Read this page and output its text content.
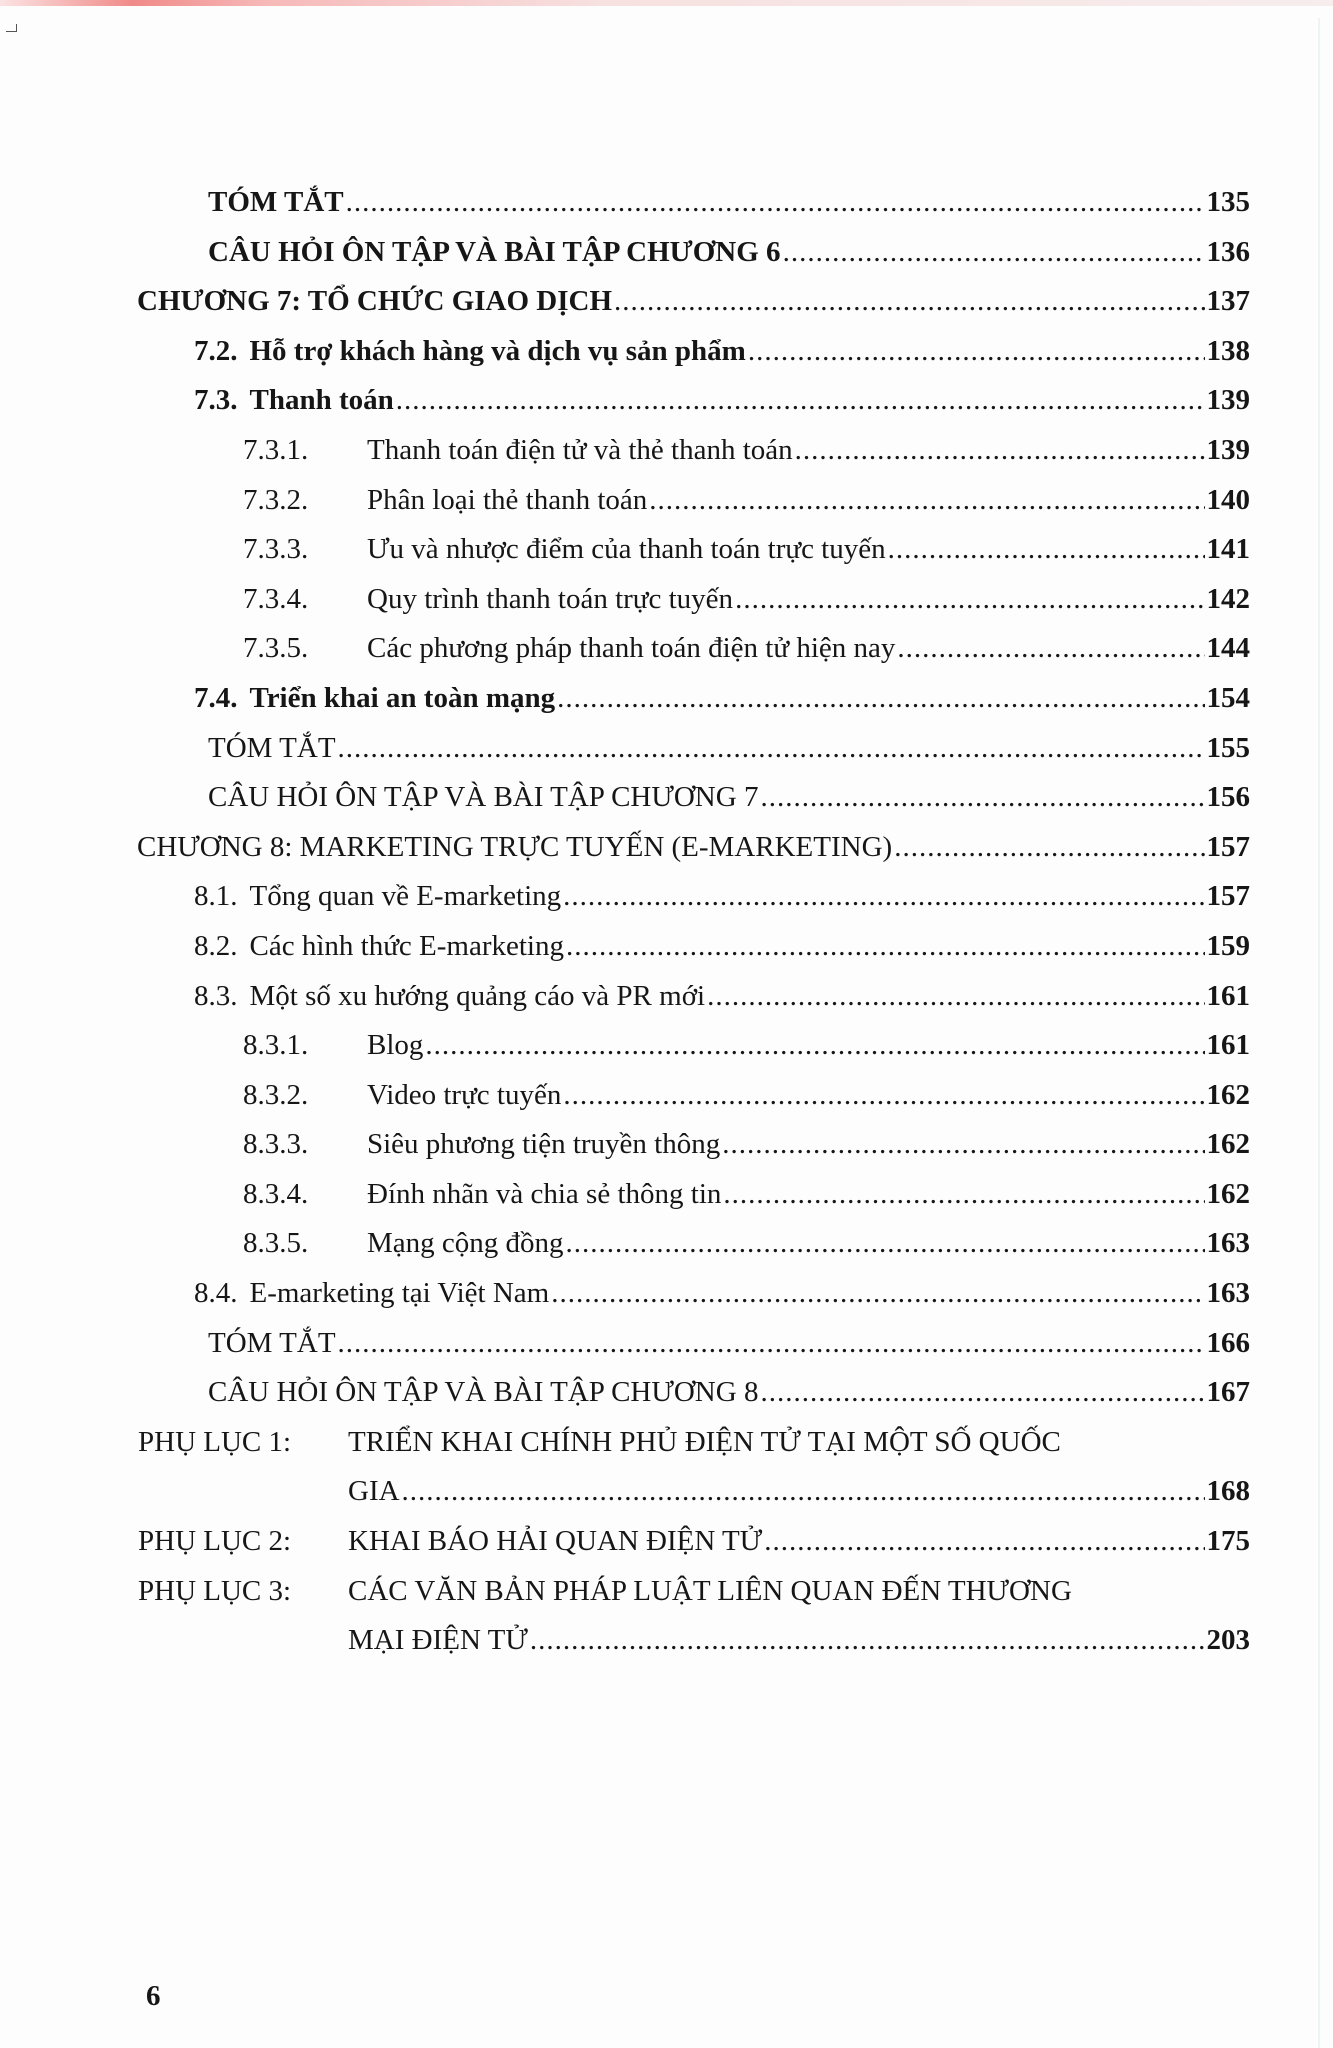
TÓM TẮT .....	135
CÂU HỎI ÔN TẬP VÀ BÀI TẬP CHƯƠNG 6 .....	136
CHƯƠNG 7: TỔ CHỨC GIAO DỊCH .....	137
7.2. Hỗ trợ khách hàng và dịch vụ sản phẩm .....	138
7.3. Thanh toán .....	139
7.3.1.	Thanh toán điện tử và thẻ thanh toán .....	139
7.3.2.	Phân loại thẻ thanh toán .....	140
7.3.3.	Ưu và nhược điểm của thanh toán trực tuyến .....	141
7.3.4.	Quy trình thanh toán trực tuyến .....	142
7.3.5.	Các phương pháp thanh toán điện tử hiện nay .....	144
7.4. Triển khai an toàn mạng .....	154
TÓM TẮT .....	155
CÂU HỎI ÔN TẬP VÀ BÀI TẬP CHƯƠNG 7 .....	156
CHƯƠNG 8: MARKETING TRỰC TUYẾN (E-MARKETING) .....	157
8.1. Tổng quan về E-marketing .....	157
8.2. Các hình thức E-marketing .....	159
8.3. Một số xu hướng quảng cáo và PR mới .....	161
8.3.1.	Blog .....	161
8.3.2.	Video trực tuyến .....	162
8.3.3.	Siêu phương tiện truyền thông .....	162
8.3.4.	Đính nhãn và chia sẻ thông tin .....	162
8.3.5.	Mạng cộng đồng .....	163
8.4. E-marketing tại Việt Nam .....	163
TÓM TẮT .....	166
CÂU HỎI ÔN TẬP VÀ BÀI TẬP CHƯƠNG 8 .....	167
PHỤ LỤC 1: TRIỂN KHAI CHÍNH PHỦ ĐIỆN TỬ TẠI MỘT SỐ QUỐC
GIA .....	168
PHỤ LỤC 2: KHAI BÁO HẢI QUAN ĐIỆN TỬ .....	175
PHỤ LỤC 3: CÁC VĂN BẢN PHÁP LUẬT LIÊN QUAN ĐẾN THƯƠNG
MẠI ĐIỆN TỬ .....	203
6
